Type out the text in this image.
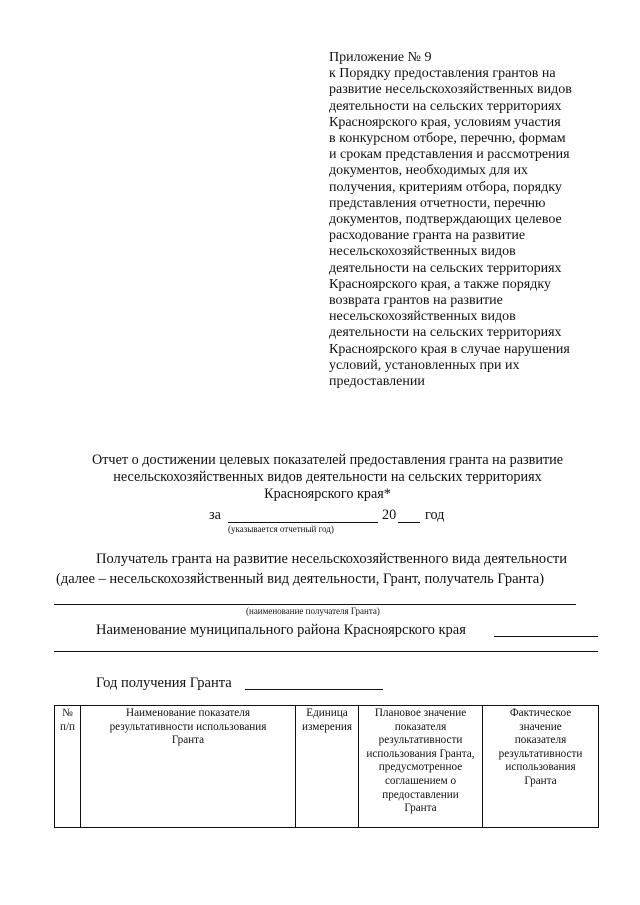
Приложение № 9
к Порядку предоставления грантов на
развитие несельскохозяйственных видов
деятельности на сельских территориях
Красноярского края, условиям участия
в конкурсном отборе, перечню, формам
и срокам представления и рассмотрения
документов, необходимых для их
получения, критериям отбора, порядку
представления отчетности, перечню
документов, подтверждающих целевое
расходование гранта на развитие
несельскохозяйственных видов
деятельности на сельских территориях
Красноярского края, а также порядку
возврата грантов на развитие
несельскохозяйственных видов
деятельности на сельских территориях
Красноярского края в случае нарушения
условий, установленных при их
предоставлении
Отчет о достижении целевых показателей предоставления гранта на развитие
несельскохозяйственных видов деятельности на сельских территориях
Красноярского края*
за	20 год
(указывается отчетный год)
Получатель гранта на развитие несельскохозяйственного вида деятельности
(далее – несельскохозяйственный вид деятельности, Грант, получатель Гранта)
(наименование получателя Гранта)
Наименование муниципального района Красноярского края
Год получения Гранта
№
п/п

Наименование показателя
результативности использования
Гранта

Единица
измерения

Плановое значение
показателя
результативности
использования Гранта,
предусмотренное
соглашением о
предоставлении
Гранта

Фактическое
значение
показателя
результативности
использования
Гранта
